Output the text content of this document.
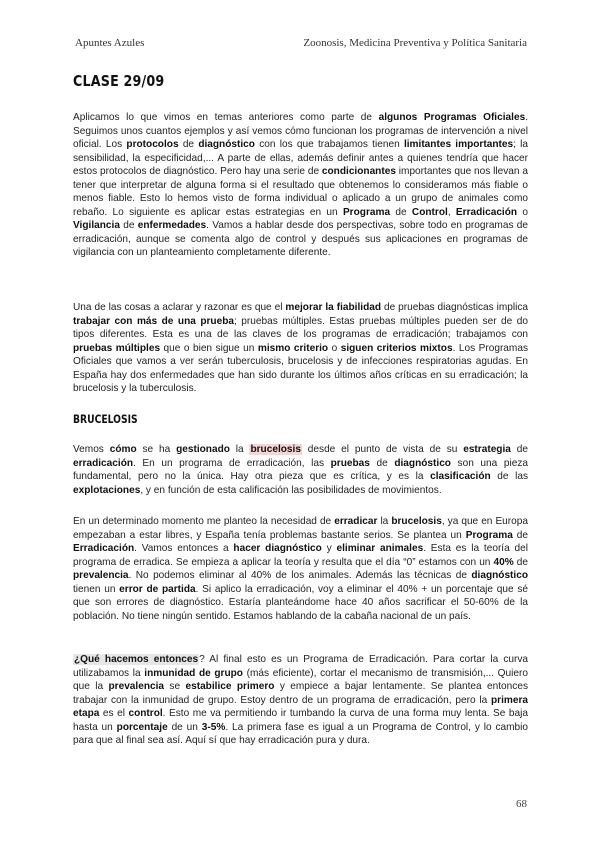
Apuntes Azules	Zoonosis, Medicina Preventiva y Política Sanitaria
CLASE 29/09

Aplicamos lo que vimos en temas anteriores como parte de algunos Programas Oficiales. Seguimos unos cuantos ejemplos y así vemos cómo funcionan los programas de intervención a nivel oficial. Los protocolos de diagnóstico con los que trabajamos tienen limitantes importantes; la sensibilidad, la especificidad,... A parte de ellas, además definir antes a quienes tendría que hacer estos protocolos de diagnóstico. Pero hay una serie de condicionantes importantes que nos llevan a tener que interpretar de alguna forma si el resultado que obtenemos lo consideramos más fiable o menos fiable. Esto lo hemos visto de forma individual o aplicado a un grupo de animales como rebaño. Lo siguiente es aplicar estas estrategias en un Programa de Control, Erradicación o Vigilancia de enfermedades. Vamos a hablar desde dos perspectivas, sobre todo en programas de erradicación, aunque se comenta algo de control y después sus aplicaciones en programas de vigilancia con un planteamiento completamente diferente.

Una de las cosas a aclarar y razonar es que el mejorar la fiabilidad de pruebas diagnósticas implica trabajar con más de una prueba; pruebas múltiples. Estas pruebas múltiples pueden ser de do tipos diferentes. Esta es una de las claves de los programas de erradicación; trabajamos con pruebas múltiples que o bien sigue un mismo criterio o siguen criterios mixtos. Los Programas Oficiales que vamos a ver serán tuberculosis, brucelosis y de infecciones respiratorias agudas. En España hay dos enfermedades que han sido durante los últimos años críticas en su erradicación; la brucelosis y la tuberculosis.

BRUCELOSIS

Vemos cómo se ha gestionado la brucelosis desde el punto de vista de su estrategia de erradicación. En un programa de erradicación, las pruebas de diagnóstico son una pieza fundamental, pero no la única. Hay otra pieza que es crítica, y es la clasificación de las explotaciones, y en función de esta calificación las posibilidades de movimientos.

En un determinado momento me planteo la necesidad de erradicar la brucelosis, ya que en Europa empezaban a estar libres, y España tenía problemas bastante serios. Se plantea un Programa de Erradicación. Vamos entonces a hacer diagnóstico y eliminar animales. Esta es la teoría del programa de erradica. Se empieza a aplicar la teoría y resulta que el día “0” estamos con un 40% de prevalencia. No podemos eliminar al 40% de los animales. Además las técnicas de diagnóstico tienen un error de partida. Si aplico la erradicación, voy a eliminar el 40% + un porcentaje que sé que son errores de diagnóstico. Estaría planteándome hace 40 años sacrificar el 50-60% de la población. No tiene ningún sentido. Estamos hablando de la cabaña nacional de un país.

¿Qué hacemos entonces? Al final esto es un Programa de Erradicación. Para cortar la curva utilizabamos la inmunidad de grupo (más eficiente), cortar el mecanismo de transmisión,... Quiero que la prevalencia se estabilice primero y empiece a bajar lentamente. Se plantea entonces trabajar con la inmunidad de grupo. Estoy dentro de un programa de erradicación, pero la primera etapa es el control. Esto me va permitiendo ir tumbando la curva de una forma muy lenta. Se baja hasta un porcentaje de un 3-5%. La primera fase es igual a un Programa de Control, y lo cambio para que al final sea así. Aquí sí que hay erradicación pura y dura.

68
